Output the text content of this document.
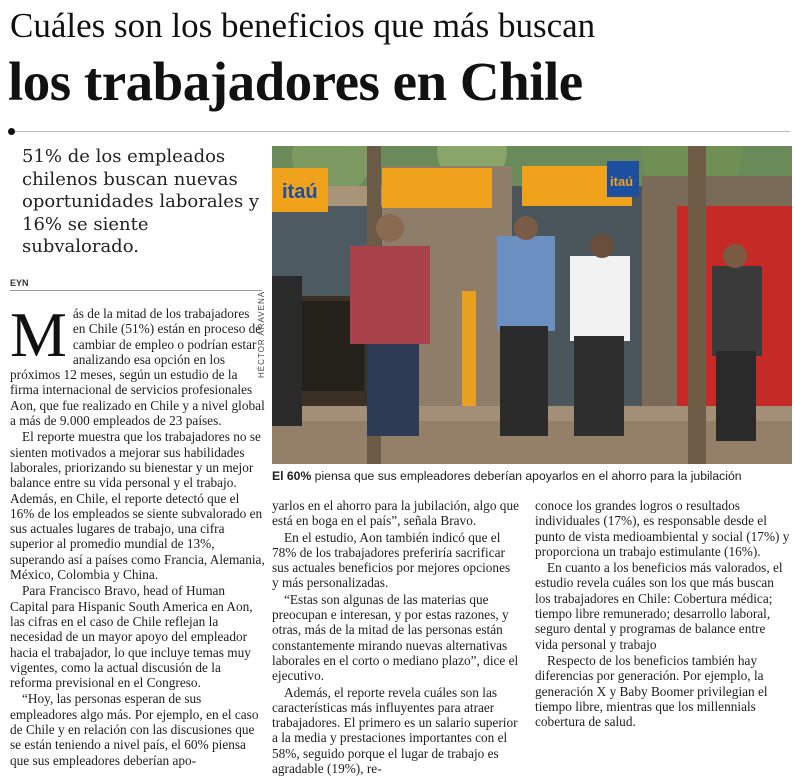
Cuáles son los beneficios que más buscan
los trabajadores en Chile
51% de los empleados chilenos buscan nuevas oportunidades laborales y 16% se siente subvalorado.
EYN

Más de la mitad de los trabajadores en Chile (51%) están en proceso de cambiar de empleo o podrían estar analizando esa opción en los próximos 12 meses, según un estudio de la firma internacional de servicios profesionales Aon, que fue realizado en Chile y a nivel global a más de 9.000 empleados de 23 países.

El reporte muestra que los trabajadores no se sienten motivados a mejorar sus habilidades laborales, priorizando su bienestar y un mejor balance entre su vida personal y el trabajo. Además, en Chile, el reporte detectó que el 16% de los empleados se siente subvalorado en sus actuales lugares de trabajo, una cifra superior al promedio mundial de 13%, superando así a países como Francia, Alemania, México, Colombia y China.

Para Francisco Bravo, head of Human Capital para Hispanic South America en Aon, las cifras en el caso de Chile reflejan la necesidad de un mayor apoyo del empleador hacia el trabajador, lo que incluye temas muy vigentes, como la actual discusión de la reforma previsional en el Congreso.

“Hoy, las personas esperan de sus empleadores algo más. Por ejemplo, en el caso de Chile y en relación con las discusiones que se están teniendo a nivel país, el 60% piensa que sus empleadores deberían apo-

itaú	itaú
HÉCTOR ARAVENA
El 60% piensa que sus empleadores deberían apoyarlos en el ahorro para la jubilación

yarlos en el ahorro para la jubilación, algo que está en boga en el país”, señala Bravo.

En el estudio, Aon también indicó que el 78% de los trabajadores preferiría sacrificar sus actuales beneficios por mejores opciones y más personalizadas.

“Estas son algunas de las materias que preocupan e interesan, y por estas razones, y otras, más de la mitad de las personas están constantemente mirando nuevas alternativas laborales en el corto o mediano plazo”, dice el ejecutivo.

Además, el reporte revela cuáles son las características más influyentes para atraer trabajadores. El primero es un salario superior a la media y prestaciones importantes con el 58%, seguido porque el lugar de trabajo es agradable (19%), re-

conoce los grandes logros o resultados individuales (17%), es responsable desde el punto de vista medioambiental y social (17%) y proporciona un trabajo estimulante (16%).

En cuanto a los beneficios más valorados, el estudio revela cuáles son los que más buscan los trabajadores en Chile: Cobertura médica; tiempo libre remunerado; desarrollo laboral, seguro dental y programas de balance entre vida personal y trabajo

Respecto de los beneficios también hay diferencias por generación. Por ejemplo, la generación X y Baby Boomer privilegian el tiempo libre, mientras que los millennials cobertura de salud.
